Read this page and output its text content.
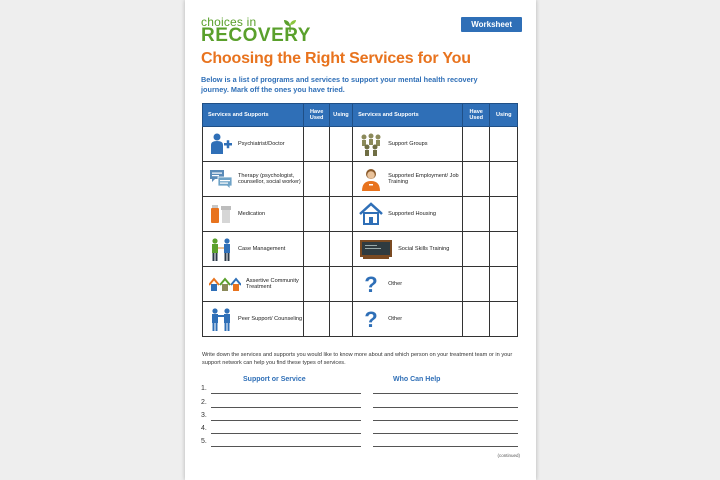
choices in
RECOVERY
Worksheet
Choosing the Right Services for You
Below is a list of programs and services to support your mental health recovery journey. Mark off the ones you have tried.
Services and Supports	Have Used	Using	Services and Supports	Have Used	Using

Psychiatrist/Doctor			Support Groups		

Therapy (psychologist, counsellor, social worker)			Supported Employment/ Job Training		

Medication			Supported Housing		

Case Management			Social Skills Training		

Assertive Community Treatment			? Other		

Peer Support/ Counseling			? Other		

Write down the services and supports you would like to know more about and which person on your treatment team or in your support network can help you find these types of services.
Support or Service	Who Can Help
1.
2.
3.
4.
5.
(continued)
